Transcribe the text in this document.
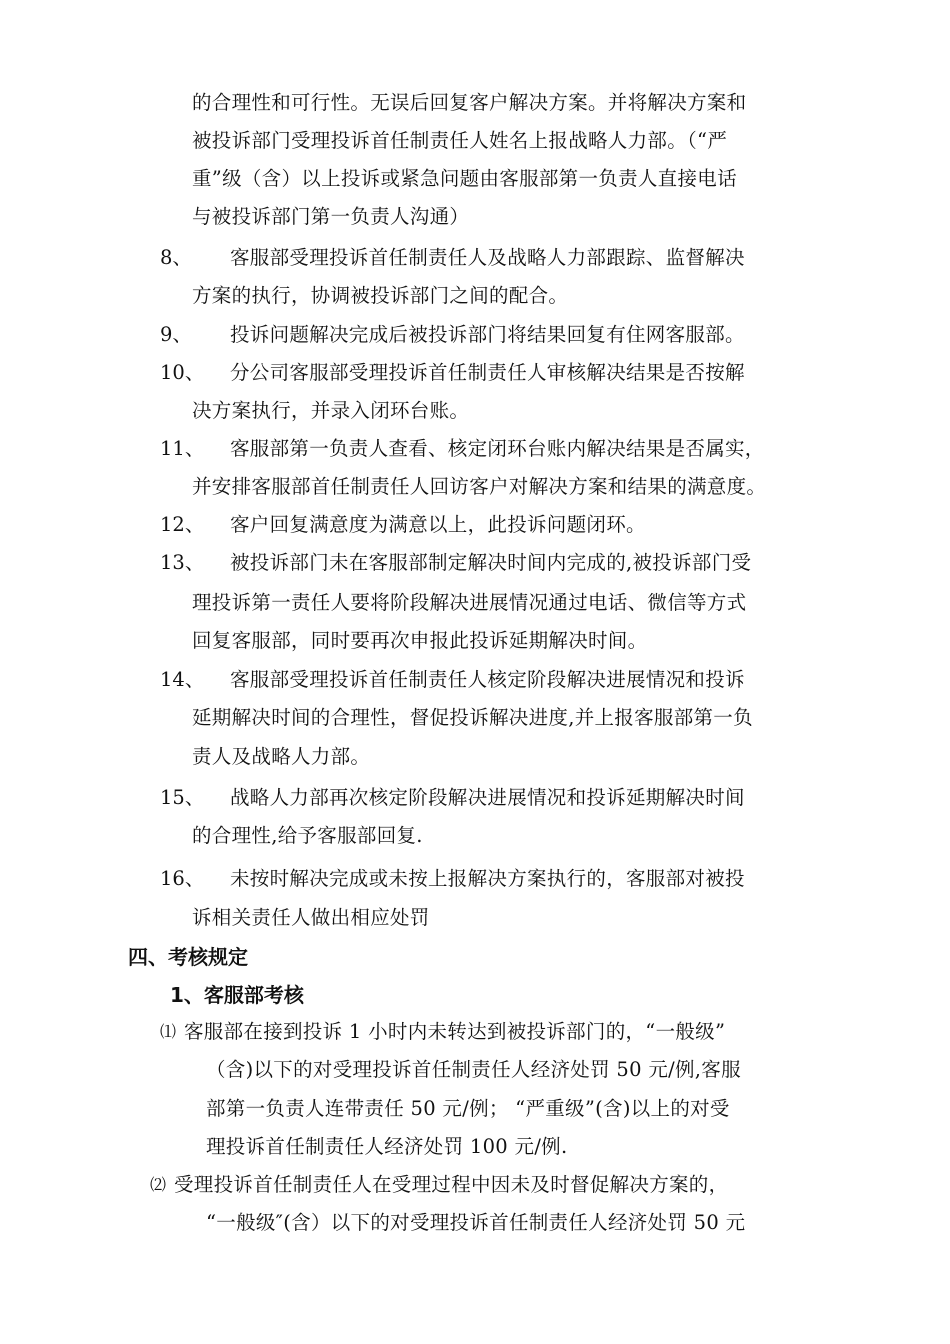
的合理性和可行性。无误后回复客户解决方案。并将解决方案和
被投诉部门受理投诉首任制责任人姓名上报战略人力部。（“严
重”级（含）以上投诉或紧急问题由客服部第一负责人直接电话
与被投诉部门第一负责人沟通）
8、 客服部受理投诉首任制责任人及战略人力部跟踪、监督解决
方案的执行，协调被投诉部门之间的配合。
9、 投诉问题解决完成后被投诉部门将结果回复有住网客服部。
10、 分公司客服部受理投诉首任制责任人审核解决结果是否按解
决方案执行，并录入闭环台账。
11、 客服部第一负责人查看、核定闭环台账内解决结果是否属实，
并安排客服部首任制责任人回访客户对解决方案和结果的满意度。
12、 客户回复满意度为满意以上，此投诉问题闭环。
13、 被投诉部门未在客服部制定解决时间内完成的,被投诉部门受
理投诉第一责任人要将阶段解决进展情况通过电话、微信等方式
回复客服部，同时要再次申报此投诉延期解决时间。
14、 客服部受理投诉首任制责任人核定阶段解决进展情况和投诉
延期解决时间的合理性，督促投诉解决进度,并上报客服部第一负
责人及战略人力部。
15、 战略人力部再次核定阶段解决进展情况和投诉延期解决时间
的合理性,给予客服部回复.
16、 未按时解决完成或未按上报解决方案执行的，客服部对被投
诉相关责任人做出相应处罚
四、考核规定
1、客服部考核
⑴ 客服部在接到投诉 1 小时内未转达到被投诉部门的，“一般级”
（含)以下的对受理投诉首任制责任人经济处罚 50 元/例,客服
部第一负责人连带责任 50 元/例； “严重级”(含)以上的对受
理投诉首任制责任人经济处罚 100 元/例.
⑵ 受理投诉首任制责任人在受理过程中因未及时督促解决方案的，
“一般级″(含）以下的对受理投诉首任制责任人经济处罚 50 元
